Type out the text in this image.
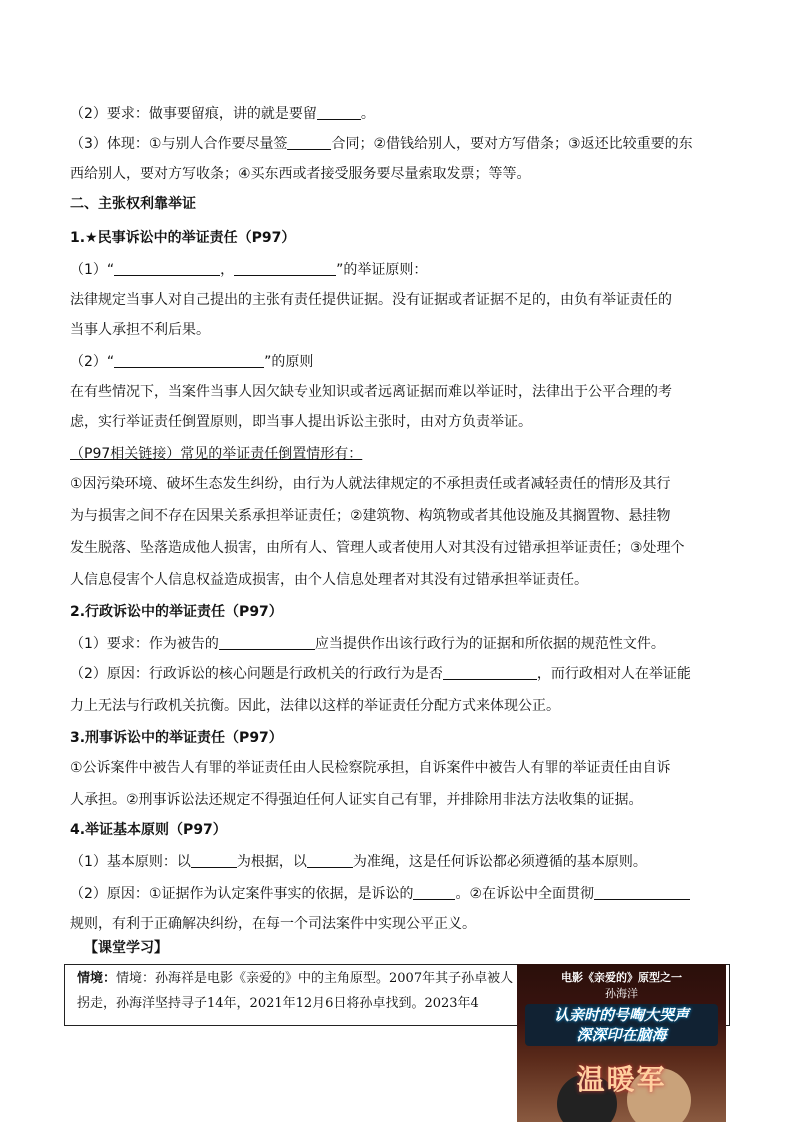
（2）要求：做事要留痕，讲的就是要留	。
（3）体现：①与别人合作要尽量签	合同；②借钱给别人，要对方写借条；③返还比较重要的东
西给别人，要对方写收条；④买东西或者接受服务要尽量索取发票；等等。
二、主张权利靠举证
1.★民事诉讼中的举证责任（P97）
（1）“	，	”的举证原则：
法律规定当事人对自己提出的主张有责任提供证据。没有证据或者证据不足的，由负有举证责任的
当事人承担不利后果。
（2）“	”的原则
在有些情况下，当案件当事人因欠缺专业知识或者远离证据而难以举证时，法律出于公平合理的考
虑，实行举证责任倒置原则，即当事人提出诉讼主张时，由对方负责举证。
（P97相关链接）常见的举证责任倒置情形有：
①因污染环境、破坏生态发生纠纷，由行为人就法律规定的不承担责任或者减轻责任的情形及其行
为与损害之间不存在因果关系承担举证责任；②建筑物、构筑物或者其他设施及其搁置物、悬挂物
发生脱落、坠落造成他人损害，由所有人、管理人或者使用人对其没有过错承担举证责任；③处理个
人信息侵害个人信息权益造成损害，由个人信息处理者对其没有过错承担举证责任。
2.行政诉讼中的举证责任（P97）
（1）要求：作为被告的	应当提供作出该行政行为的证据和所依据的规范性文件。
（2）原因：行政诉讼的核心问题是行政机关的行政行为是否	，而行政相对人在举证能
力上无法与行政机关抗衡。因此，法律以这样的举证责任分配方式来体现公正。
3.刑事诉讼中的举证责任（P97）
①公诉案件中被告人有罪的举证责任由人民检察院承担，自诉案件中被告人有罪的举证责任由自诉
人承担。②刑事诉讼法还规定不得强迫任何人证实自己有罪，并排除用非法方法收集的证据。
4.举证基本原则（P97）
（1）基本原则：以	为根据，以	为准绳，这是任何诉讼都必须遵循的基本原则。
（2）原因：①证据作为认定案件事实的依据，是诉讼的	。②在诉讼中全面贯彻
规则，有利于正确解决纠纷，在每一个司法案件中实现公平正义。
【课堂学习】
情境：情境：孙海祥是电影《亲爱的》中的主角原型。2007年其子孙卓被人
拐走，孙海洋坚持寻子14年，2021年12月6日将孙卓找到。2023年4
电影《亲爱的》原型之一
孙海洋
认亲时的号啕大哭声
深深印在脑海
温暖军
